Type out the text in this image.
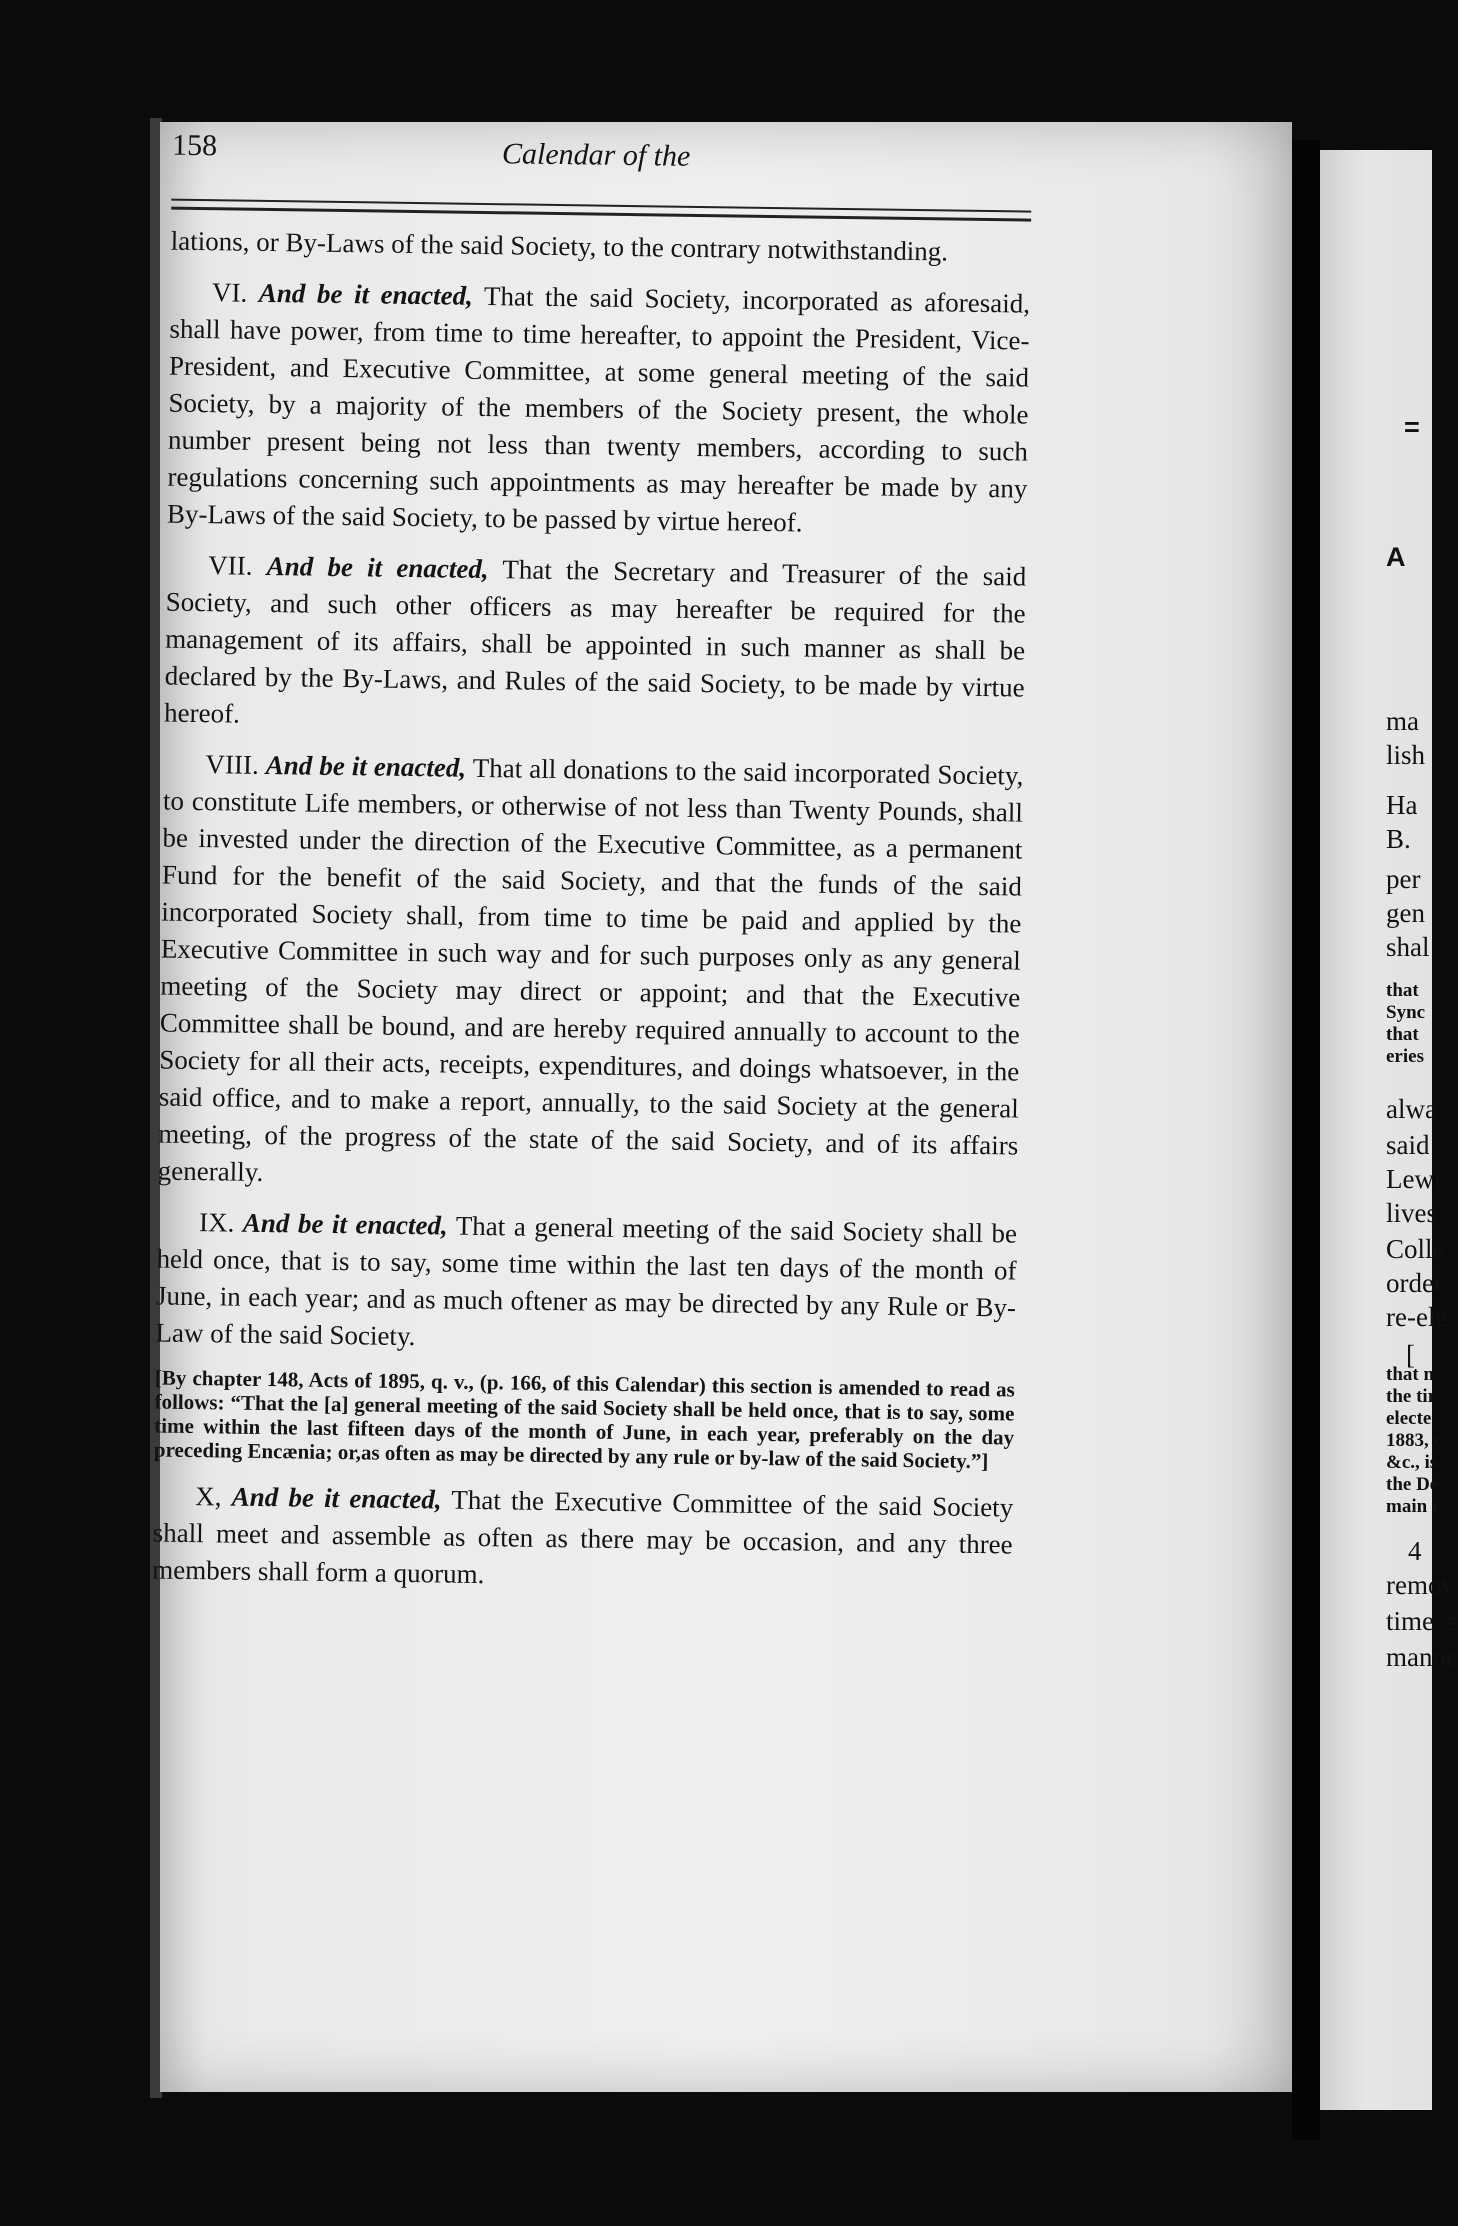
=
A
ma
lish
Ha
B.
per
gen
shal
that
Sync
that
eries
alwa
said
Lewi
lives
Colle
order
re-ele
[
that n
the tir
electe
1883, c
&c., is
the De
main i
4
remov
time, s
manne
158	Calendar of the

lations, or By-Laws of the said Society, to the contrary notwithstanding.

VI. And be it enacted, That the said Society, incorporated as aforesaid, shall have power, from time to time hereafter, to appoint the President, Vice-President, and Executive Committee, at some general meeting of the said Society, by a majority of the members of the Society present, the whole number present being not less than twenty members, according to such regulations concerning such appointments as may hereafter be made by any By-Laws of the said Society, to be passed by virtue hereof.

VII. And be it enacted, That the Secretary and Treasurer of the said Society, and such other officers as may hereafter be required for the management of its affairs, shall be appointed in such manner as shall be declared by the By-Laws, and Rules of the said Society, to be made by virtue hereof.

VIII. And be it enacted, That all donations to the said incorporated Society, to constitute Life members, or otherwise of not less than Twenty Pounds, shall be invested under the direction of the Executive Committee, as a permanent Fund for the benefit of the said Society, and that the funds of the said incorporated Society shall, from time to time be paid and applied by the Executive Committee in such way and for such purposes only as any general meeting of the Society may direct or appoint; and that the Executive Committee shall be bound, and are hereby required annually to account to the Society for all their acts, receipts, expenditures, and doings whatsoever, in the said office, and to make a report, annually, to the said Society at the general meeting, of the progress of the state of the said Society, and of its affairs generally.

IX. And be it enacted, That a general meeting of the said Society shall be held once, that is to say, some time within the last ten days of the month of June, in each year; and as much oftener as may be directed by any Rule or By-Law of the said Society.

[By chapter 148, Acts of 1895, q. v., (p. 166, of this Calendar) this section is amended to read as follows: “That the [a] general meeting of the said Society shall be held once, that is to say, some time within the last fifteen days of the month of June, in each year, preferably on the day preceding Encænia; or,as often as may be directed by any rule or by-law of the said Society.”]

X, And be it enacted, That the Executive Committee of the said Society shall meet and assemble as often as there may be occasion, and any three members shall form a quorum.
